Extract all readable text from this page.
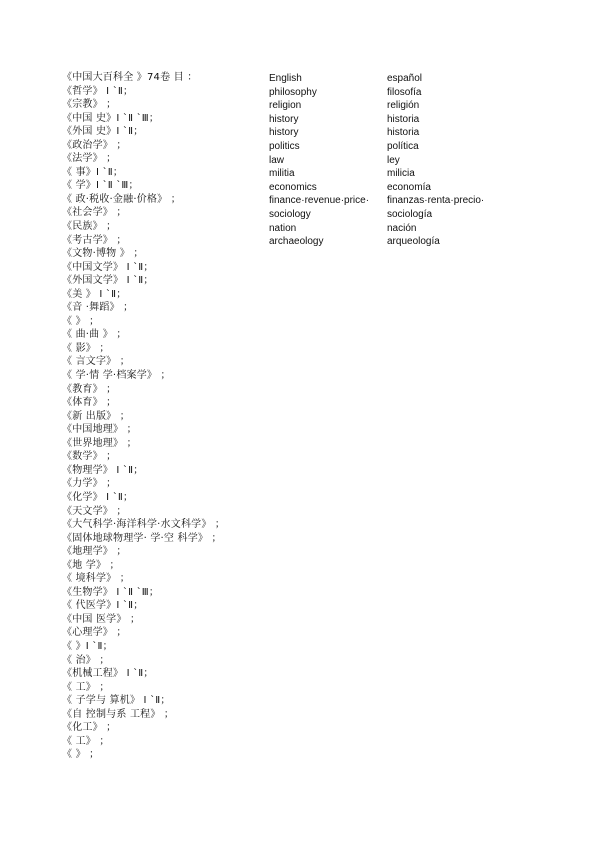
《中国大百科全 》74卷 目 ：
《哲学》 Ⅰ `Ⅱ；
《宗教》 ；
《中国 史》Ⅰ `Ⅱ `Ⅲ；
《外国 史》Ⅰ `Ⅱ；
《政治学》 ；
《法学》 ；
《 事》Ⅰ `Ⅱ；
《 学》Ⅰ `Ⅱ `Ⅲ；
《 政·税收·金融·价格》 ；
《社会学》 ；
《民族》 ；
《考古学》 ；
《文物·博物 》 ；
《中国文学》 Ⅰ `Ⅱ；
《外国文学》 Ⅰ `Ⅱ；
《美 》 Ⅰ `Ⅱ；
《音 ·舞蹈》 ；
《 》 ；
《 曲·曲 》 ；
《 影》 ；
《 言文字》 ；
《 学·情 学·档案学》 ；
《教育》 ；
《体育》 ；
《新 出版》 ；
《中国地理》 ；
《世界地理》 ；
《数学》 ；
《物理学》 Ⅰ `Ⅱ；
《力学》 ；
《化学》 Ⅰ `Ⅱ；
《天文学》 ；
《大气科学·海洋科学·水文科学》 ；
《固体地球物理学· 学·空 科学》 ；
《地理学》 ；
《地 学》 ；
《 境科学》 ；
《生物学》 Ⅰ `Ⅱ `Ⅲ；
《 代医学》Ⅰ `Ⅱ；
《中国 医学》 ；
《心理学》 ；
《 》Ⅰ `Ⅱ；
《 治》 ；
《机械工程》 Ⅰ `Ⅱ；
《 工》 ；
《 子学与 算机》 Ⅰ `Ⅱ；
《自 控制与系 工程》 ；
《化工》 ；
《 工》 ；
《 》 ；
English
philosophy
religion
history
history
politics
law
militia
economics
finance·revenue·price·
sociology
nation
archaeology
español
filosofía
religión
historia
historia
política
ley
milicia
economía
finanzas·renta·precio·
sociología
nación
arqueología
